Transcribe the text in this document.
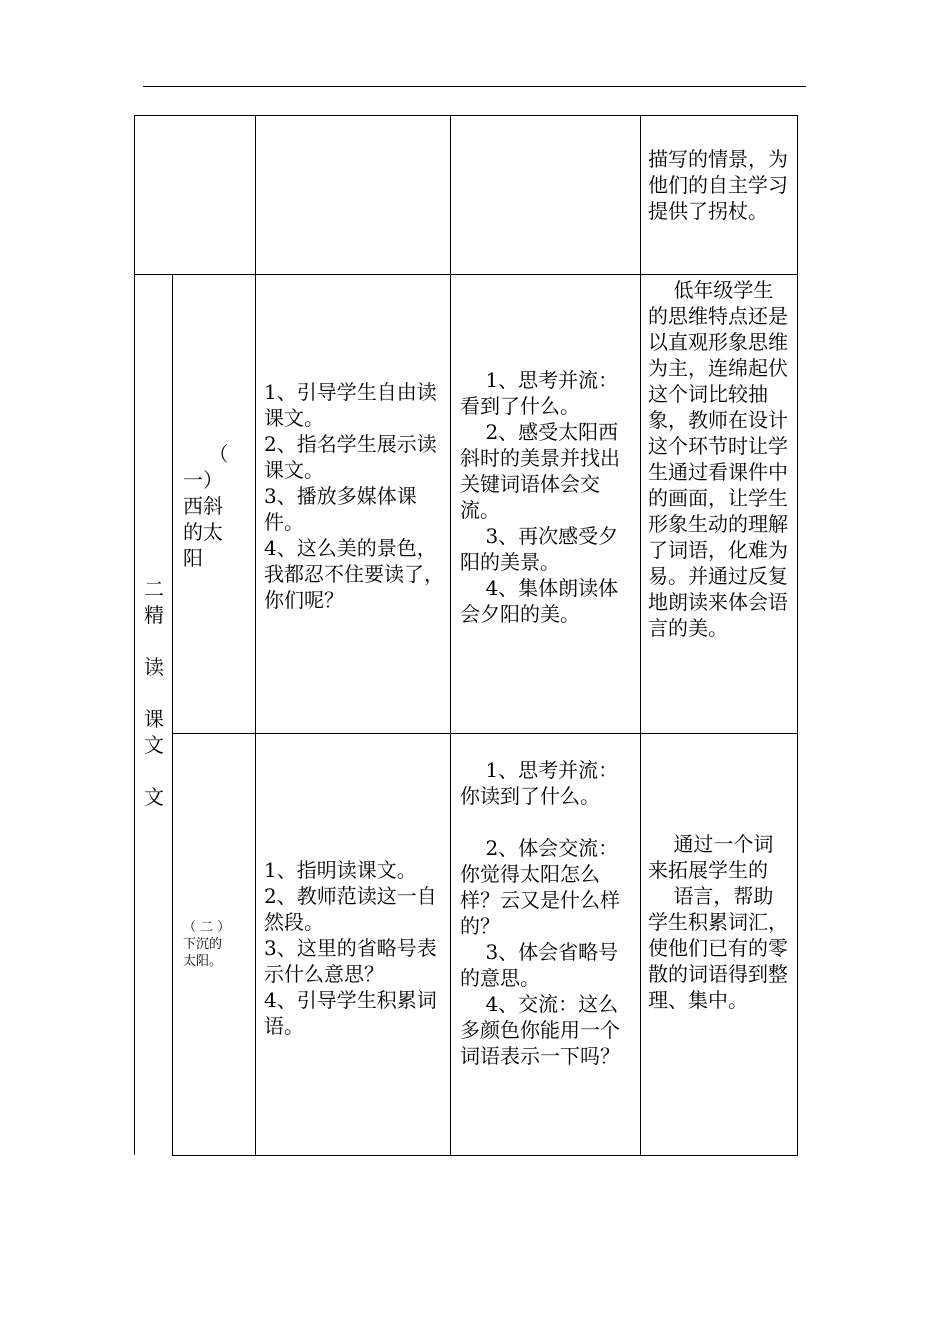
描写的情景，为他们的自主学习提供了拐杖。
二
精

读

课
文

文
（
一）
西斜
的太
阳
1、引导学生自由读课文。
2、指名学生展示读课文。
3、播放多媒体课件。
4、这么美的景色，我都忍不住要读了，你们呢？
1、思考并流：  看到了什么。
2、感受太阳西斜时的美景并找出关键词语体会交流。
3、再次感受夕阳的美景。
4、集体朗读体会夕阳的美。
低年级学生的思维特点还是以直观形象思维为主，连绵起伏这个词比较抽象，教师在设计这个环节时让学生通过看课件中的画面，让学生形象生动的理解了词语，化难为易。并通过反复地朗读来体会语言的美。
（ 二 ）
下沉的
太阳。
1、指明读课文。
2、教师范读这一自然段。
3、这里的省略号表示什么意思？
4、引导学生积累词语。
1、思考并流：  你读到了什么。

2、体会交流：你觉得太阳怎么样？云又是什么样的？
3、体会省略号的意思。
4、交流：这么多颜色你能用一个词语表示一下吗？
通过一个词来拓展学生的
语言，帮助学生积累词汇，使他们已有的零散的词语得到整理、集中。
